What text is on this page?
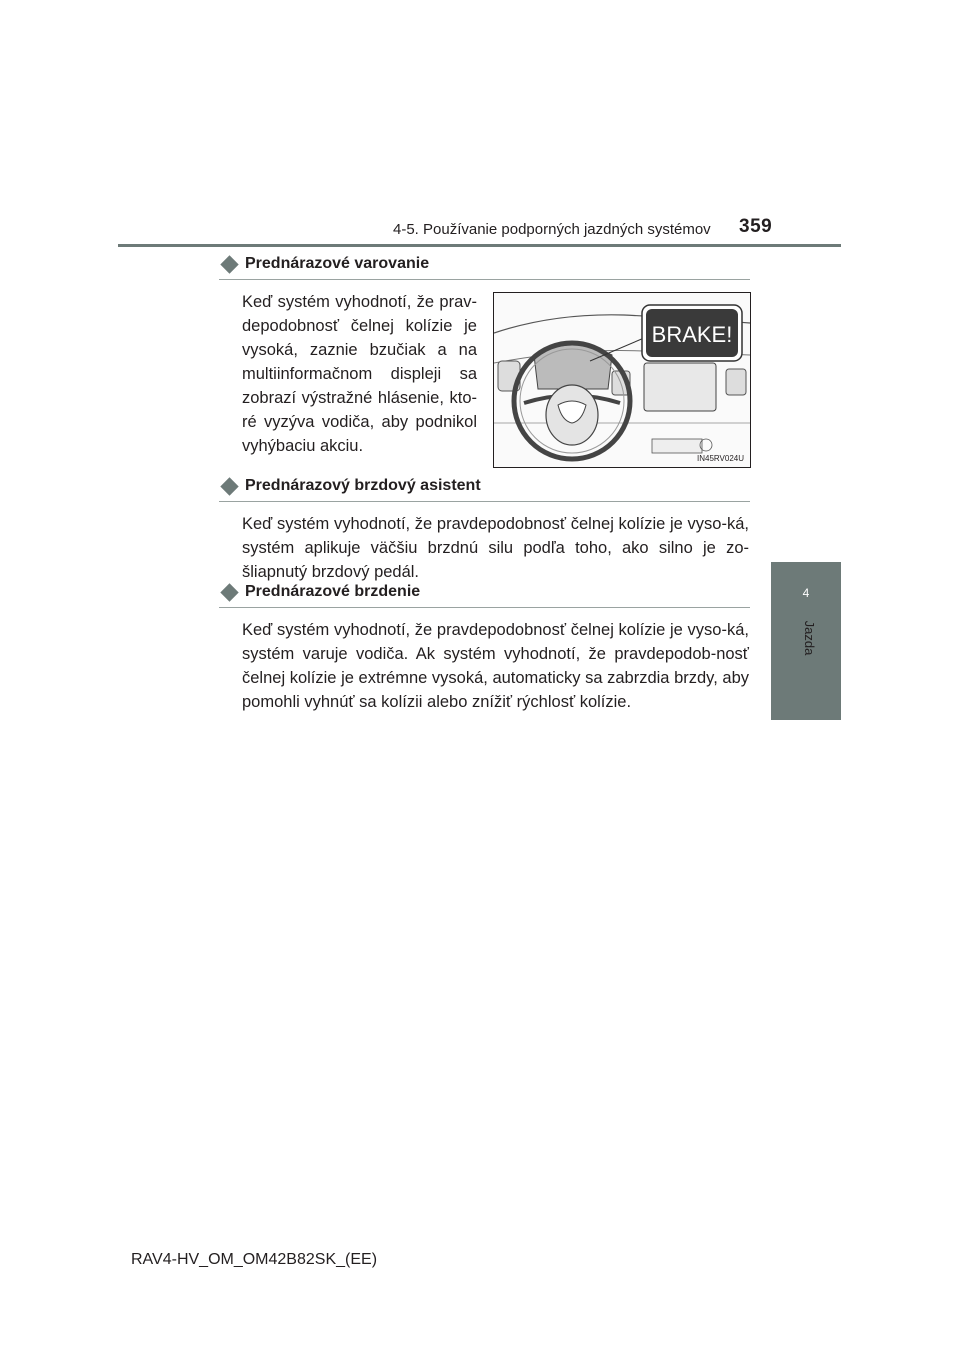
4-5. Používanie podporných jazdných systémov 359
4
Jazda
Prednárazové varovanie
Keď systém vyhodnotí, že prav-depodobnosť čelnej kolízie je vysoká, zaznie bzučiak a na multiinformačnom displeji sa zobrazí výstražné hlásenie, kto-ré vyzýva vodiča, aby podnikol vyhýbaciu akciu.
BRAKE!
IN45RV024U
Prednárazový brzdový asistent
Keď systém vyhodnotí, že pravdepodobnosť čelnej kolízie je vyso-ká, systém aplikuje väčšiu brzdnú silu podľa toho, ako silno je zo-šliapnutý brzdový pedál.
Prednárazové brzdenie
Keď systém vyhodnotí, že pravdepodobnosť čelnej kolízie je vyso-ká, systém varuje vodiča. Ak systém vyhodnotí, že pravdepodob-nosť čelnej kolízie je extrémne vysoká, automaticky sa zabrzdia brzdy, aby pomohli vyhnúť sa kolízii alebo znížiť rýchlosť kolízie.
RAV4-HV_OM_OM42B82SK_(EE)
